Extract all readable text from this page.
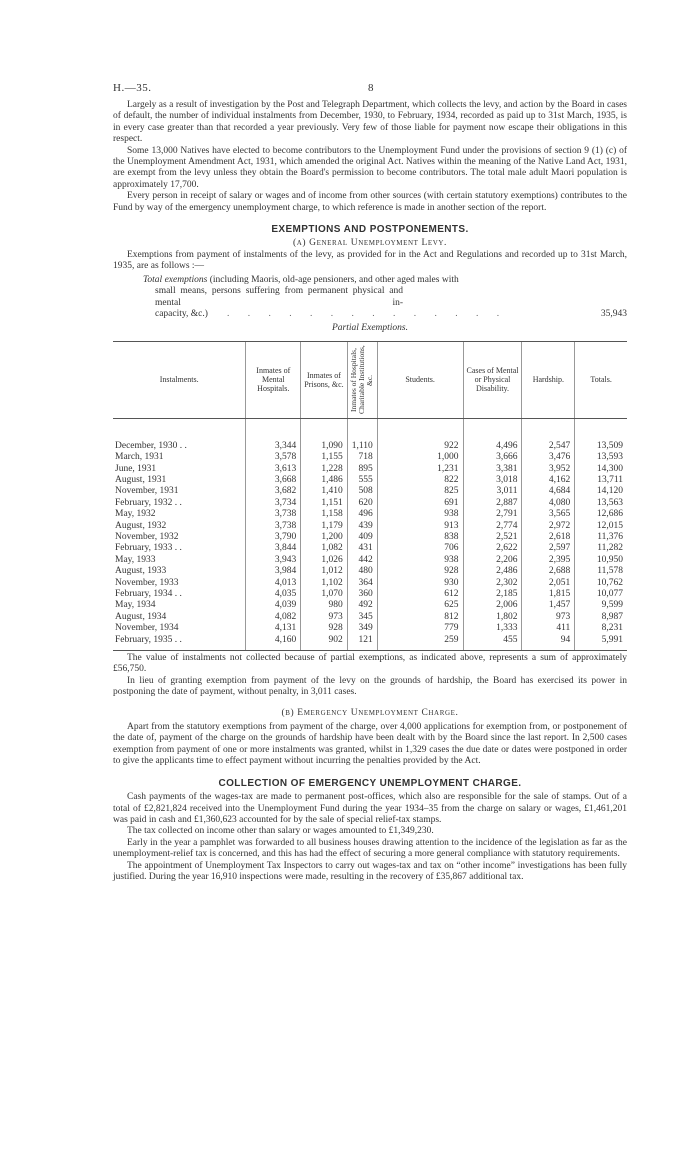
H.—35.	8

Largely as a result of investigation by the Post and Telegraph Department, which collects the levy, and action by the Board in cases of default, the number of individual instalments from December, 1930, to February, 1934, recorded as paid up to 31st March, 1935, is in every case greater than that recorded a year previously. Very few of those liable for payment now escape their obligations in this respect.

Some 13,000 Natives have elected to become contributors to the Unemployment Fund under the provisions of section 9 (1) (c) of the Unemployment Amendment Act, 1931, which amended the original Act. Natives within the meaning of the Native Land Act, 1931, are exempt from the levy unless they obtain the Board's permission to become contributors. The total male adult Maori population is approximately 17,700.

Every person in receipt of salary or wages and of income from other sources (with certain statutory exemptions) contributes to the Fund by way of the emergency unemployment charge, to which reference is made in another section of the report.

EXEMPTIONS AND POSTPONEMENTS.
(a) General Unemployment Levy.

Exemptions from payment of instalments of the levy, as provided for in the Act and Regulations and recorded up to 31st March, 1935, are as follows :—

Total exemptions (including Maoris, old-age pensioners, and other aged males with
small means, persons suffering from permanent physical and mental in-
capacity, &c.) . . . . . . . . . . . . . .	35,943
Partial Exemptions.
Instalments.	Inmates of Mental Hospitals.	Inmates of Prisons, &c.	Inmates of Hospitals, Charitable Institutions, &c.	Students.	Cases of Mental or Physical Disability.	Hardship.	Totals.
December, 1930 . .	3,344	1,090	1,110	922	4,496	2,547	13,509
March, 1931	3,578	1,155	718	1,000	3,666	3,476	13,593
June, 1931	3,613	1,228	895	1,231	3,381	3,952	14,300
August, 1931	3,668	1,486	555	822	3,018	4,162	13,711
November, 1931	3,682	1,410	508	825	3,011	4,684	14,120
February, 1932 . .	3,734	1,151	620	691	2,887	4,080	13,563
May, 1932	3,738	1,158	496	938	2,791	3,565	12,686
August, 1932	3,738	1,179	439	913	2,774	2,972	12,015
November, 1932	3,790	1,200	409	838	2,521	2,618	11,376
February, 1933 . .	3,844	1,082	431	706	2,622	2,597	11,282
May, 1933	3,943	1,026	442	938	2,206	2,395	10,950
August, 1933	3,984	1,012	480	928	2,486	2,688	11,578
November, 1933	4,013	1,102	364	930	2,302	2,051	10,762
February, 1934 . .	4,035	1,070	360	612	2,185	1,815	10,077
May, 1934	4,039	980	492	625	2,006	1,457	9,599
August, 1934	4,082	973	345	812	1,802	973	8,987
November, 1934	4,131	928	349	779	1,333	411	8,231
February, 1935 . .	4,160	902	121	259	455	94	5,991

The value of instalments not collected because of partial exemptions, as indicated above, represents a sum of approximately £56,750.

In lieu of granting exemption from payment of the levy on the grounds of hardship, the Board has exercised its power in postponing the date of payment, without penalty, in 3,011 cases.

(b) Emergency Unemployment Charge.

Apart from the statutory exemptions from payment of the charge, over 4,000 applications for exemption from, or postponement of the date of, payment of the charge on the grounds of hardship have been dealt with by the Board since the last report. In 2,500 cases exemption from payment of one or more instalments was granted, whilst in 1,329 cases the due date or dates were postponed in order to give the applicants time to effect payment without incurring the penalties provided by the Act.

COLLECTION OF EMERGENCY UNEMPLOYMENT CHARGE.

Cash payments of the wages-tax are made to permanent post-offices, which also are responsible for the sale of stamps. Out of a total of £2,821,824 received into the Unemployment Fund during the year 1934–35 from the charge on salary or wages, £1,461,201 was paid in cash and £1,360,623 accounted for by the sale of special relief-tax stamps.

The tax collected on income other than salary or wages amounted to £1,349,230.

Early in the year a pamphlet was forwarded to all business houses drawing attention to the incidence of the legislation as far as the unemployment-relief tax is concerned, and this has had the effect of securing a more general compliance with statutory requirements.

The appointment of Unemployment Tax Inspectors to carry out wages-tax and tax on “other income” investigations has been fully justified. During the year 16,910 inspections were made, resulting in the recovery of £35,867 additional tax.
